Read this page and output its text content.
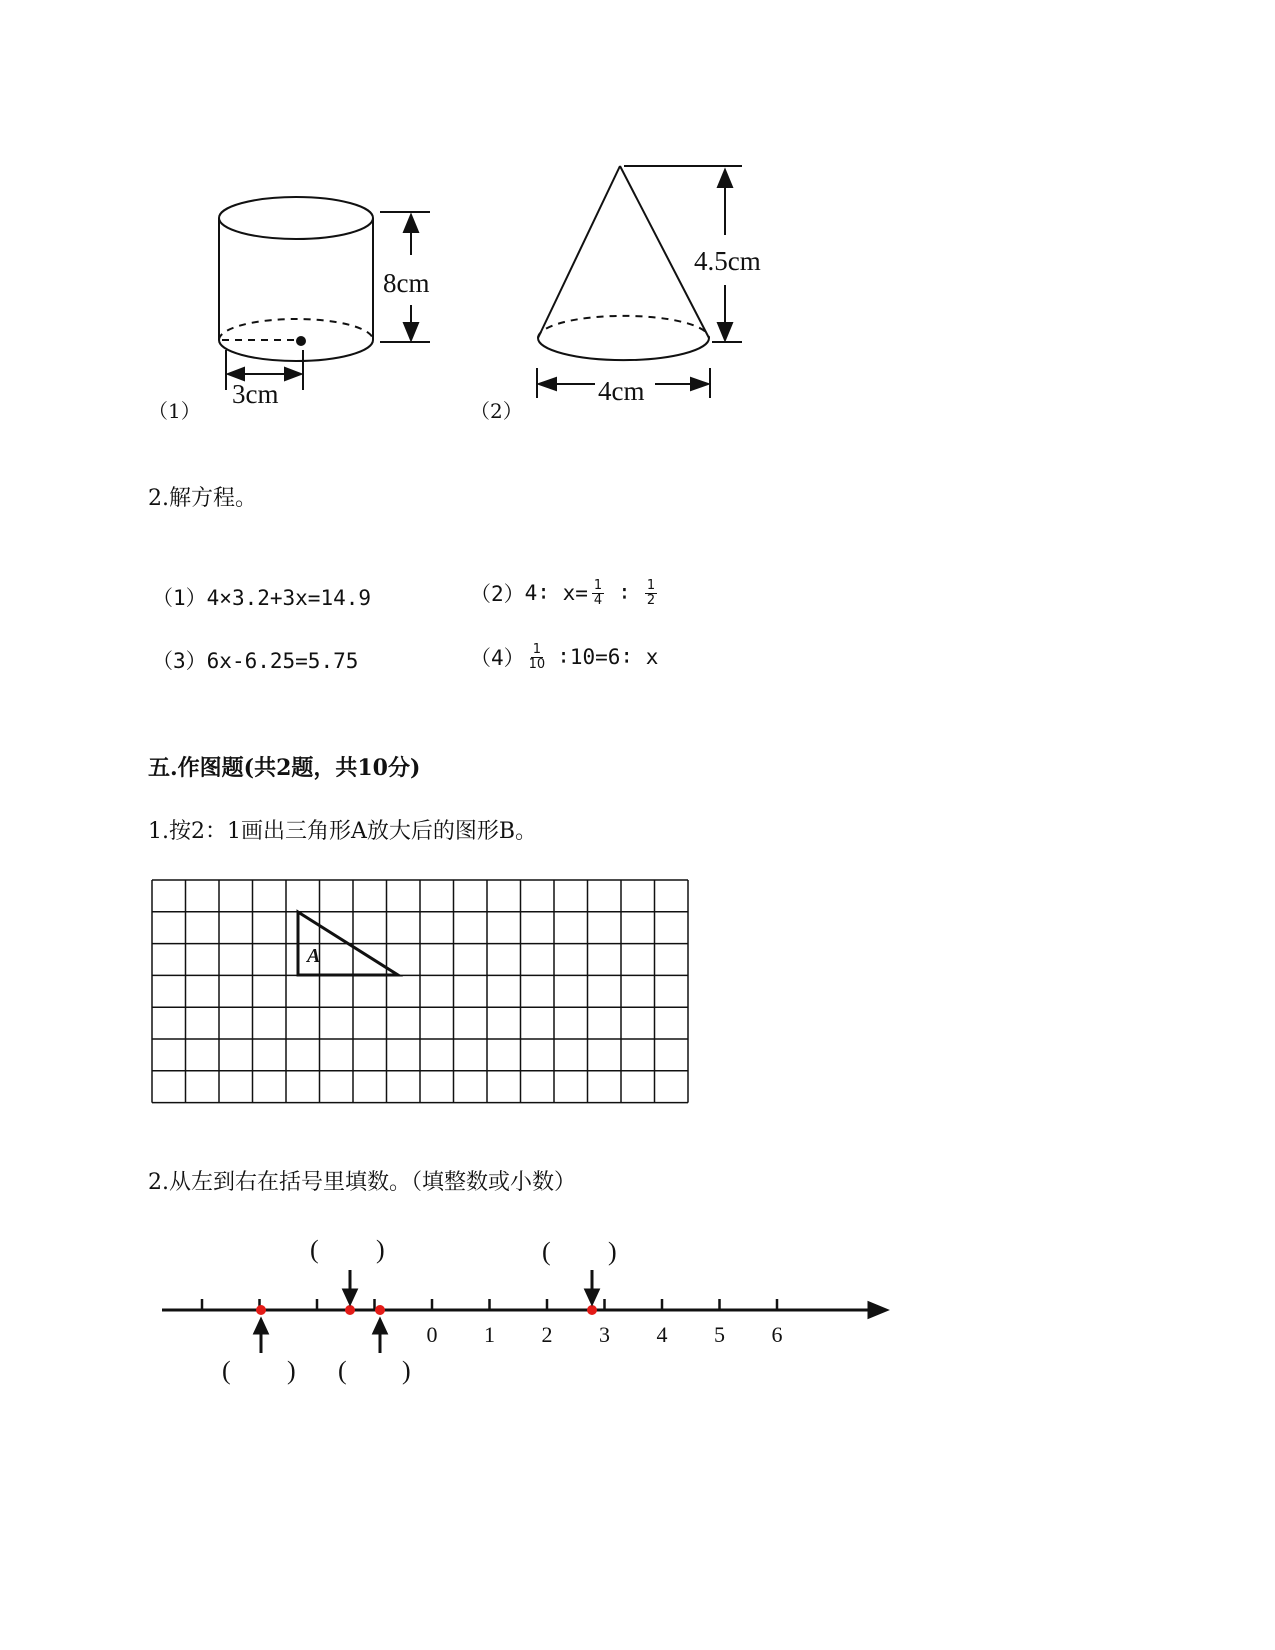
8cm
3cm
4.5cm
4cm
（1）	（2）
2.解方程。
（1）4×3.2+3x=14.9	（2） 4∶ $x= \frac{1}{4}$ ∶ $\frac{1}{2}$
（3）6x-6.25=5.75	$(4) \frac{1}{10}$ ∶10=6∶ x
五.作图题(共2题，共10分)
1.按2：1画出三角形A放大后的图形B。
A
2.从左到右在括号里填数。（填整数或小数）
0 1 2 3 4 5 6
( )	( )
( ) ( )
